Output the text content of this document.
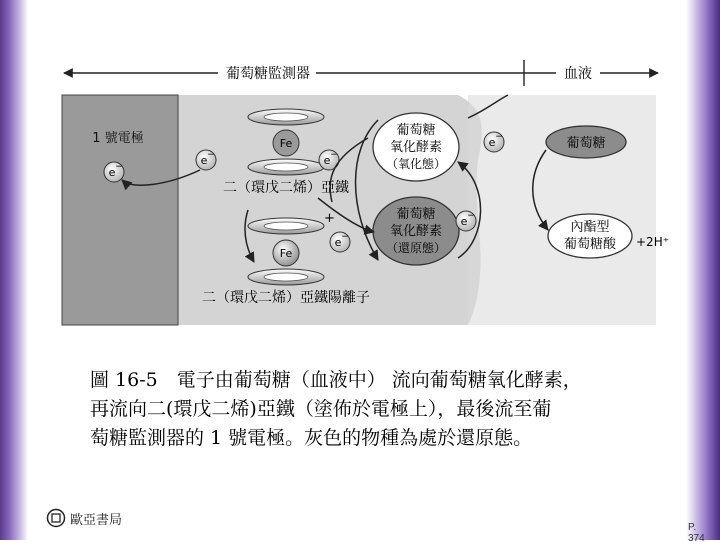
葡萄糖監測器	血液
1 號電極
e −
Fe
二（環戊二烯）亞鐵
Fe
二（環戊二烯）亞鐵陽離子
+
e −	e −
e −
葡萄糖
氧化酵素
（氧化態）
葡萄糖
氧化酵素
（還原態）
葡萄糖
內酯型
葡萄糖酸 +2H⁺
e −
e −
圖 16-5　電子由葡萄糖（血液中） 流向葡萄糖氧化酵素，
再流向二(環戊二烯)亞鐵（塗佈於電極上），最後流至葡
萄糖監測器的 1 號電極。灰色的物種為處於還原態。
歐亞書局	P. 374
